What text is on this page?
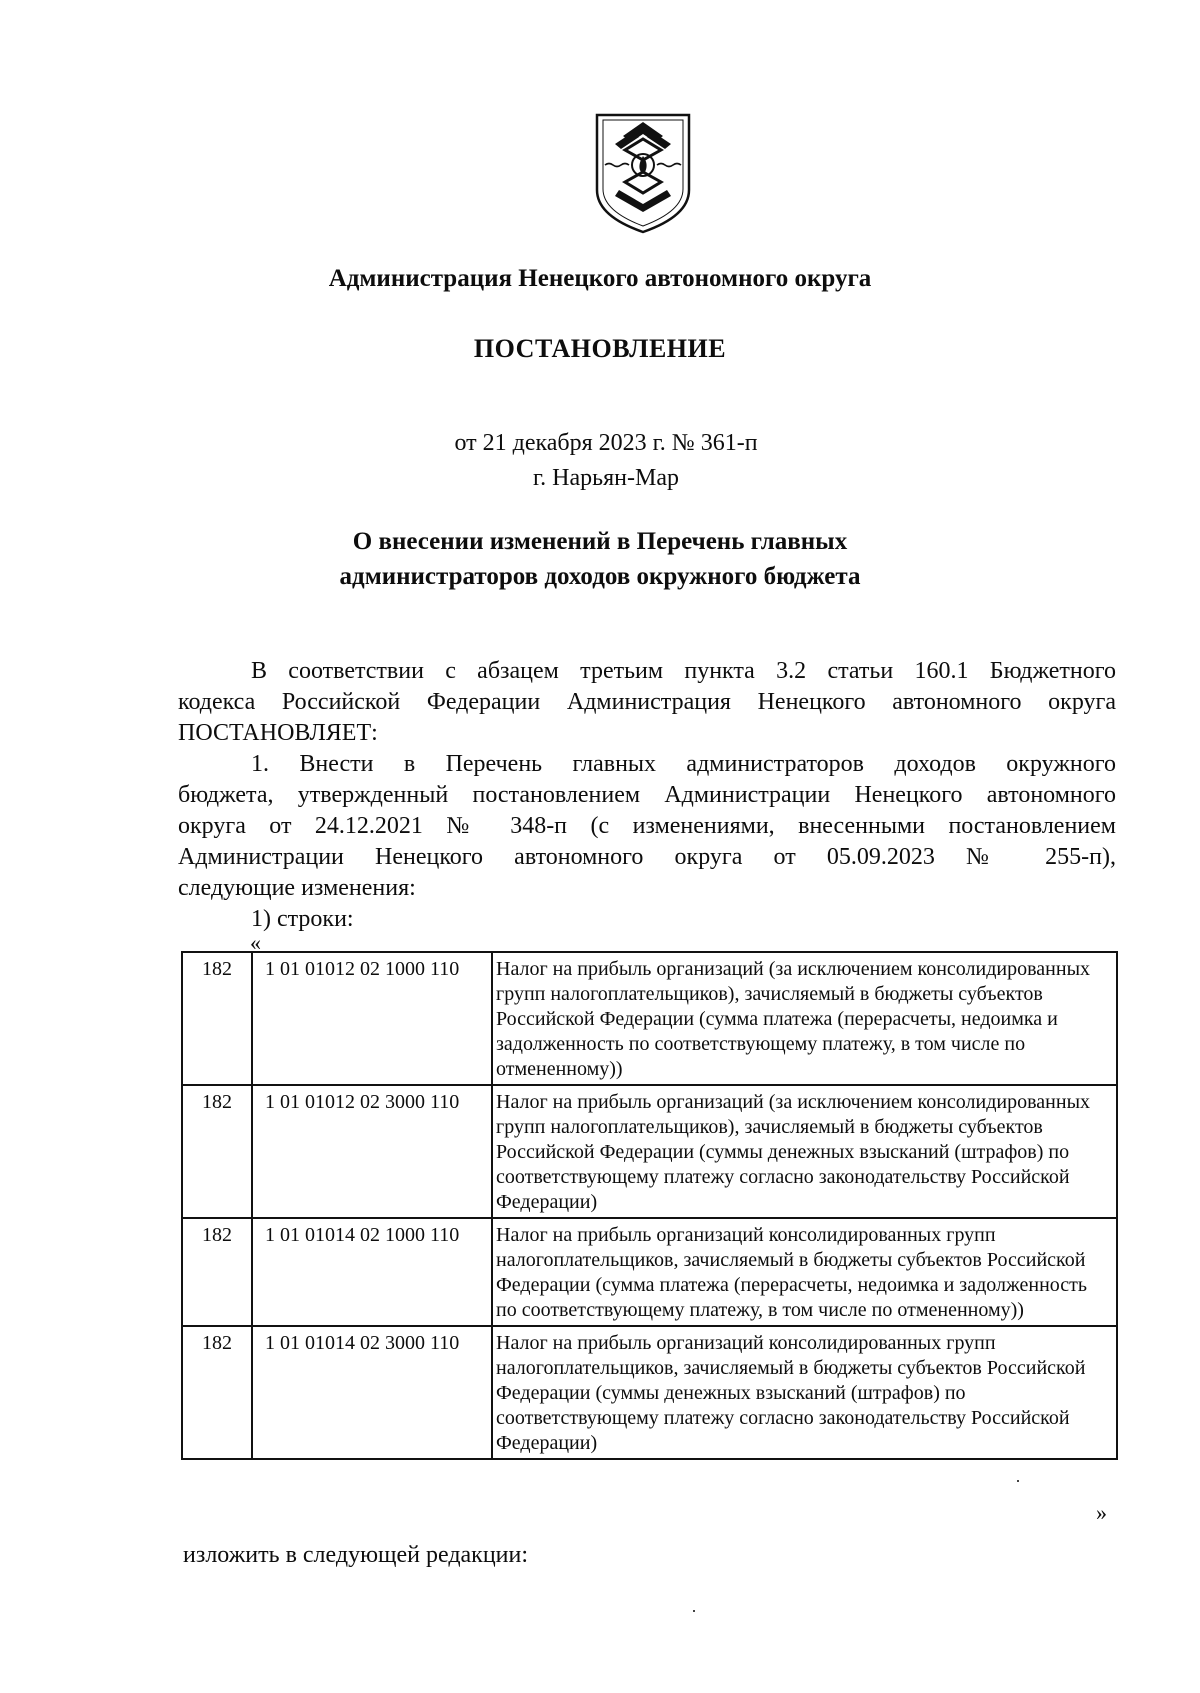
Администрация Ненецкого автономного округа
ПОСТАНОВЛЕНИЕ
от 21 декабря 2023 г. № 361-п
г. Нарьян-Мар
О внесении изменений в Перечень главных
администраторов доходов окружного бюджета
В соответствии с абзацем третьим пункта 3.2 статьи 160.1 Бюджетного
кодекса Российской Федерации Администрация Ненецкого автономного округа
ПОСТАНОВЛЯЕТ:
1. Внести в Перечень главных администраторов доходов окружного
бюджета, утвержденный постановлением Администрации Ненецкого автономного
округа от 24.12.2021 № 348-п (с изменениями, внесенными постановлением
Администрации Ненецкого автономного округа от 05.09.2023 № 255-п),
следующие изменения:
1) строки:
«
182	1 01 01012 02 1000 110	Налог на прибыль организаций (за исключением консолидированных групп налогоплательщиков), зачисляемый в бюджеты субъектов Российской Федерации (сумма платежа (перерасчеты, недоимка и задолженность по соответствующему платежу, в том числе по отмененному))
182	1 01 01012 02 3000 110	Налог на прибыль организаций (за исключением консолидированных групп налогоплательщиков), зачисляемый в бюджеты субъектов Российской Федерации (суммы денежных взысканий (штрафов) по соответствующему платежу согласно законодательству Российской Федерации)
182	1 01 01014 02 1000 110	Налог на прибыль организаций консолидированных групп налогоплательщиков, зачисляемый в бюджеты субъектов Российской Федерации (сумма платежа (перерасчеты, недоимка и задолженность по соответствующему платежу, в том числе по отмененному))
182	1 01 01014 02 3000 110	Налог на прибыль организаций консолидированных групп налогоплательщиков, зачисляемый в бюджеты субъектов Российской Федерации (суммы денежных взысканий (штрафов) по соответствующему платежу согласно законодательству Российской Федерации)
»
изложить в следующей редакции:
